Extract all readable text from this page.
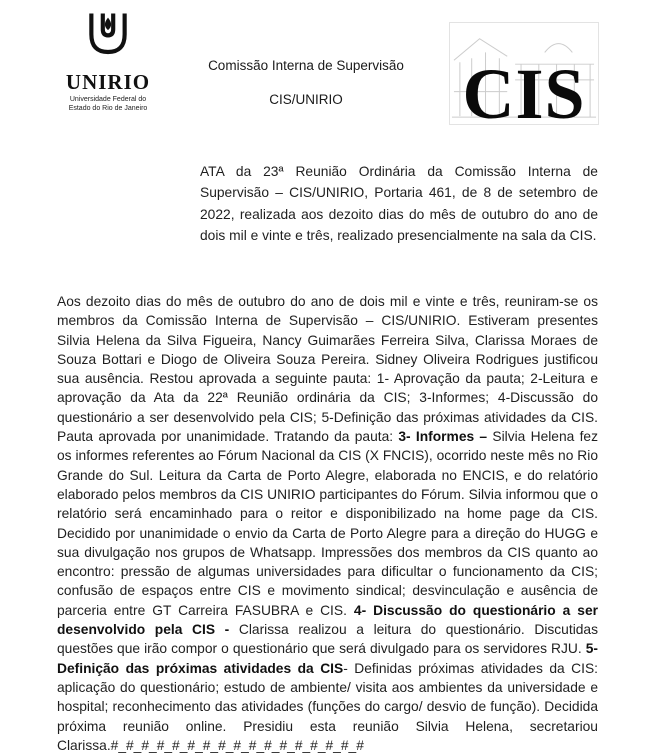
UNIRIO
Universidade Federal do
Estado do Rio de Janeiro
Comissão Interna de Supervisão
CIS/UNIRIO	CIS

ATA da 23ª Reunião Ordinária da Comissão Interna de Supervisão – CIS/UNIRIO, Portaria 461, de 8 de setembro de 2022, realizada aos dezoito dias do mês de outubro do ano de dois mil e vinte e três, realizado presencialmente na sala da CIS.

Aos dezoito dias do mês de outubro do ano de dois mil e vinte e três, reuniram-se os membros da Comissão Interna de Supervisão – CIS/UNIRIO. Estiveram presentes Silvia Helena da Silva Figueira, Nancy Guimarães Ferreira Silva, Clarissa Moraes de Souza Bottari e Diogo de Oliveira Souza Pereira. Sidney Oliveira Rodrigues justificou sua ausência. Restou aprovada a seguinte pauta: 1- Aprovação da pauta; 2-Leitura e aprovação da Ata da 22ª Reunião ordinária da CIS; 3-Informes; 4-Discussão do questionário a ser desenvolvido pela CIS; 5-Definição das próximas atividades da CIS. Pauta aprovada por unanimidade. Tratando da pauta: 3- Informes – Silvia Helena fez os informes referentes ao Fórum Nacional da CIS (X FNCIS), ocorrido neste mês no Rio Grande do Sul. Leitura da Carta de Porto Alegre, elaborada no ENCIS, e do relatório elaborado pelos membros da CIS UNIRIO participantes do Fórum. Silvia informou que o relatório será encaminhado para o reitor e disponibilizado na home page da CIS. Decidido por unanimidade o envio da Carta de Porto Alegre para a direção do HUGG e sua divulgação nos grupos de Whatsapp. Impressões dos membros da CIS quanto ao encontro: pressão de algumas universidades para dificultar o funcionamento da CIS; confusão de espaços entre CIS e movimento sindical; desvinculação e ausência de parceria entre GT Carreira FASUBRA e CIS. 4- Discussão do questionário a ser desenvolvido pela CIS - Clarissa realizou a leitura do questionário. Discutidas questões que irão compor o questionário que será divulgado para os servidores RJU. 5-Definição das próximas atividades da CIS- Definidas próximas atividades da CIS: aplicação do questionário; estudo de ambiente/ visita aos ambientes da universidade e hospital; reconhecimento das atividades (funções do cargo/ desvio de função). Decidida próxima reunião online. Presidiu esta reunião Silvia Helena, secretariou Clarissa.#_#_#_#_#_#_#_#_#_#_#_#_#_#_#_#_#
